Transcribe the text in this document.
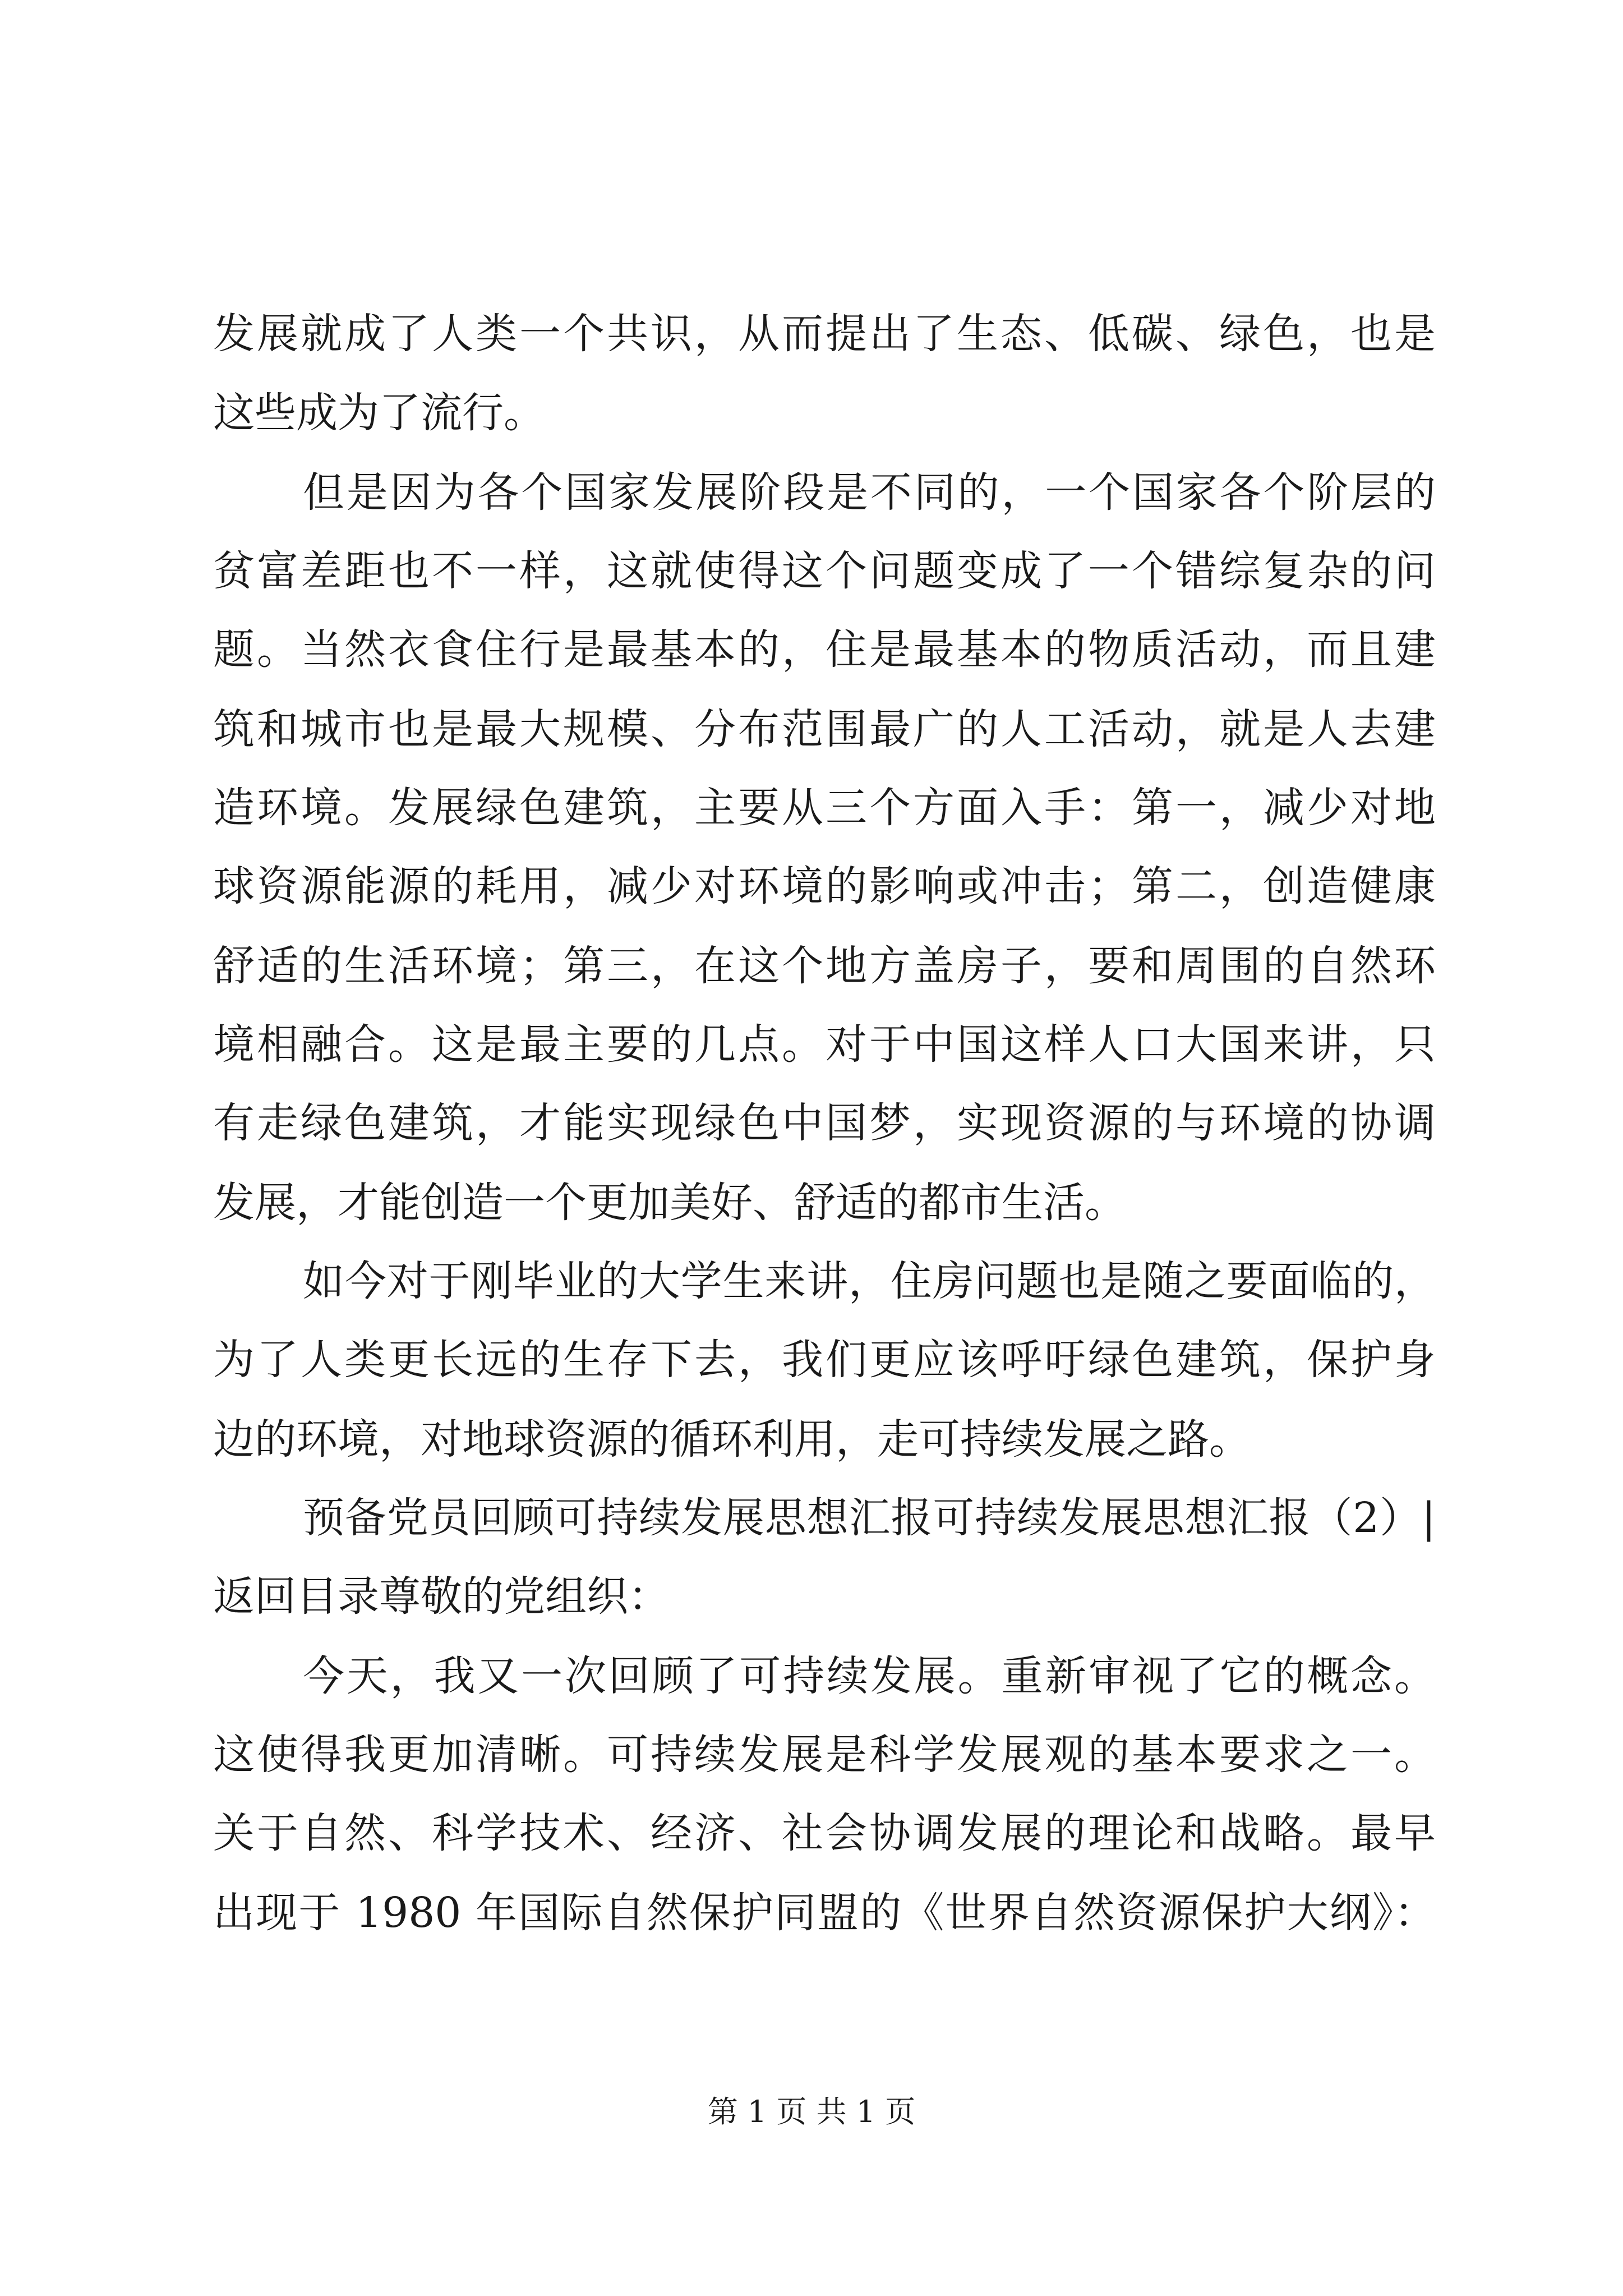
发展就成了人类一个共识，从而提出了生态、低碳、绿色，也是
这些成为了流行。
但是因为各个国家发展阶段是不同的，一个国家各个阶层的
贫富差距也不一样，这就使得这个问题变成了一个错综复杂的问
题。当然衣食住行是最基本的，住是最基本的物质活动，而且建
筑和城市也是最大规模、分布范围最广的人工活动，就是人去建
造环境。发展绿色建筑，主要从三个方面入手：第一，减少对地
球资源能源的耗用，减少对环境的影响或冲击；第二，创造健康
舒适的生活环境；第三，在这个地方盖房子，要和周围的自然环
境相融合。这是最主要的几点。对于中国这样人口大国来讲，只
有走绿色建筑，才能实现绿色中国梦，实现资源的与环境的协调
发展，才能创造一个更加美好、舒适的都市生活。
如今对于刚毕业的大学生来讲，住房问题也是随之要面临的，
为了人类更长远的生存下去，我们更应该呼吁绿色建筑，保护身
边的环境，对地球资源的循环利用，走可持续发展之路。
预备党员回顾可持续发展思想汇报可持续发展思想汇报（2）|
返回目录尊敬的党组织：
今天，我又一次回顾了可持续发展。重新审视了它的概念。
这使得我更加清晰。可持续发展是科学发展观的基本要求之一。
关于自然、科学技术、经济、社会协调发展的理论和战略。最早
出现于 1980 年国际自然保护同盟的《世界自然资源保护大纲》：
第 1 页 共 1 页
